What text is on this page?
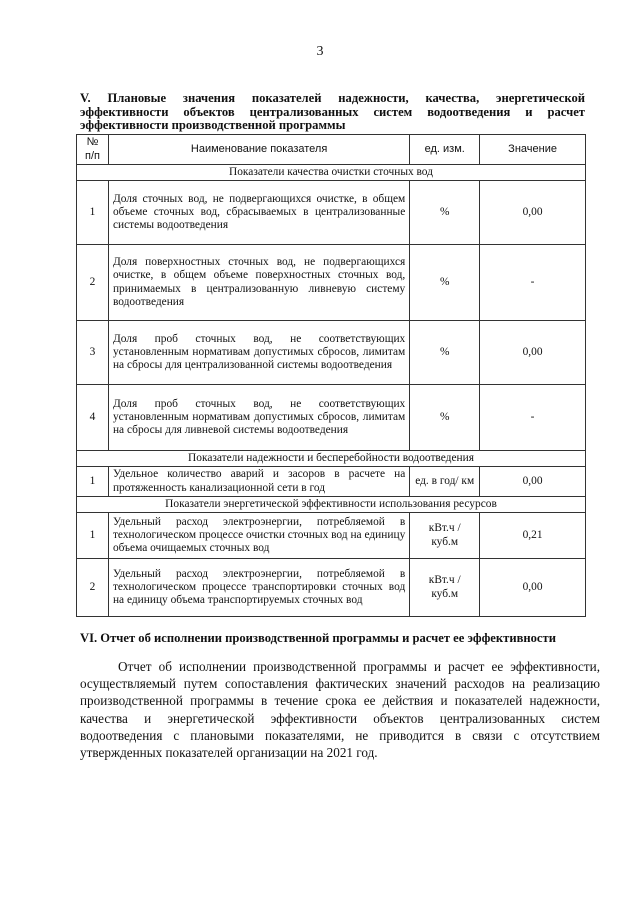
3
V. Плановые значения показателей надежности, качества, энергетической эффективности объектов централизованных систем водоотведения и расчет эффективности производственной программы
№ п/п	Наименование показателя	ед. изм.	Значение
Показатели качества очистки сточных вод			
1	Доля сточных вод, не подвергающихся очистке, в общем объеме сточных вод, сбрасываемых в централизованные системы водоотведения	%	0,00
2	Доля поверхностных сточных вод, не подвергающихся очистке, в общем объеме поверхностных сточных вод, принимаемых в централизованную ливневую систему водоотведения	%	-
3	Доля проб сточных вод, не соответствующих установленным нормативам допустимых сбросов, лимитам на сбросы для централизованной системы водоотведения	%	0,00
4	Доля проб сточных вод, не соответствующих установленным нормативам допустимых сбросов, лимитам на сбросы для ливневой системы водоотведения	%	-
Показатели надежности и бесперебойности водоотведения			
1	Удельное количество аварий и засоров в расчете на протяженность канализационной сети в год	ед. в год/ км	0,00
Показатели энергетической эффективности использования ресурсов			
1	Удельный расход электроэнергии, потребляемой в технологическом процессе очистки сточных вод на единицу объема очищаемых сточных вод	кВт.ч / куб.м	0,21
2	Удельный расход электроэнергии, потребляемой в технологическом процессе транспортировки сточных вод на единицу объема транспортируемых сточных вод	кВт.ч / куб.м	0,00
VI. Отчет об исполнении производственной программы и расчет ее эффективности
Отчет об исполнении производственной программы и расчет ее эффективности, осуществляемый путем сопоставления фактических значений расходов на реализацию производственной программы в течение срока ее действия и показателей надежности, качества и энергетической эффективности объектов централизованных систем водоотведения с плановыми показателями, не приводится в связи с отсутствием утвержденных показателей организации на 2021 год.
